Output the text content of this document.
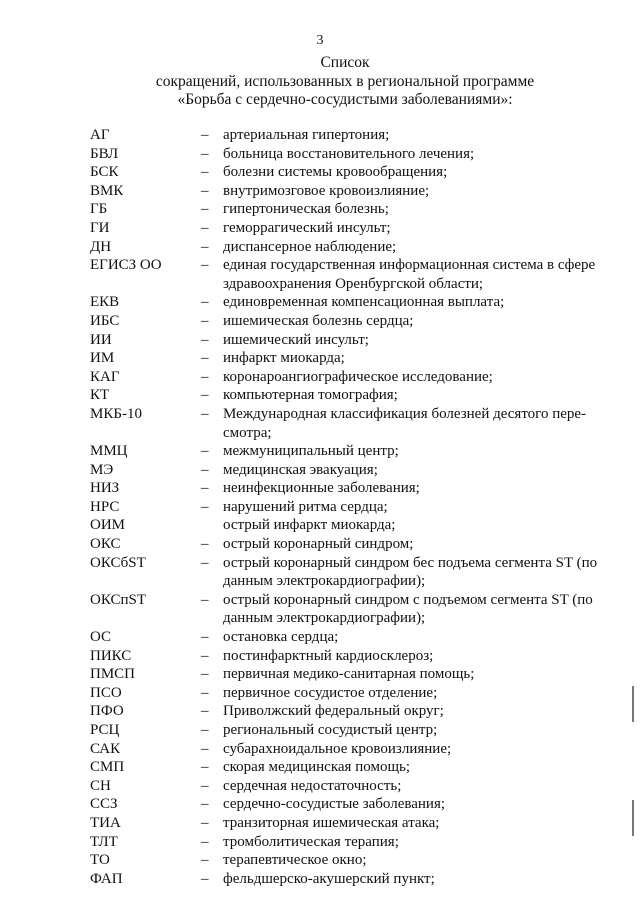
3
Список
сокращений, использованных в региональной программе
«Борьба с сердечно-сосудистыми заболеваниями»:
АГ	– артериальная гипертония;
БВЛ	– больница восстановительного лечения;
БСК	– болезни системы кровообращения;
ВМК	– внутримозговое кровоизлияние;
ГБ	– гипертоническая болезнь;
ГИ	– геморрагический инсульт;
ДН	– диспансерное наблюдение;
ЕГИСЗ ОО	– единая государственная информационная система в сфере
здравоохранения Оренбургской области;
ЕКВ	– единовременная компенсационная выплата;
ИБС	– ишемическая болезнь сердца;
ИИ	– ишемический инсульт;
ИМ	– инфаркт миокарда;
КАГ	– коронароангиографическое исследование;
КТ	– компьютерная томография;
МКБ-10	– Международная классификация болезней десятого пере-
смотра;
ММЦ	– межмуниципальный центр;
МЭ	– медицинская эвакуация;
НИЗ	– неинфекционные заболевания;
НРС	– нарушений ритма сердца;
ОИМ	острый инфаркт миокарда;
ОКС	– острый коронарный синдром;
ОКСбST	– острый коронарный синдром бес подъема сегмента ST (по
данным электрокардиографии);
ОКСпST	– острый коронарный синдром с подъемом сегмента ST (по
данным электрокардиографии);
ОС	– остановка сердца;
ПИКС	– постинфарктный кардиосклероз;
ПМСП	– первичная медико-санитарная помощь;
ПСО	– первичное сосудистое отделение;
ПФО	– Приволжский федеральный округ;
РСЦ	– региональный сосудистый центр;
САК	– субарахноидальное кровоизлияние;
СМП	– скорая медицинская помощь;
СН	– сердечная недостаточность;
ССЗ	– сердечно-сосудистые заболевания;
ТИА	– транзиторная ишемическая атака;
ТЛТ	– тромболитическая терапия;
ТО	– терапевтическое окно;
ФАП	– фельдшерско-акушерский пункт;
